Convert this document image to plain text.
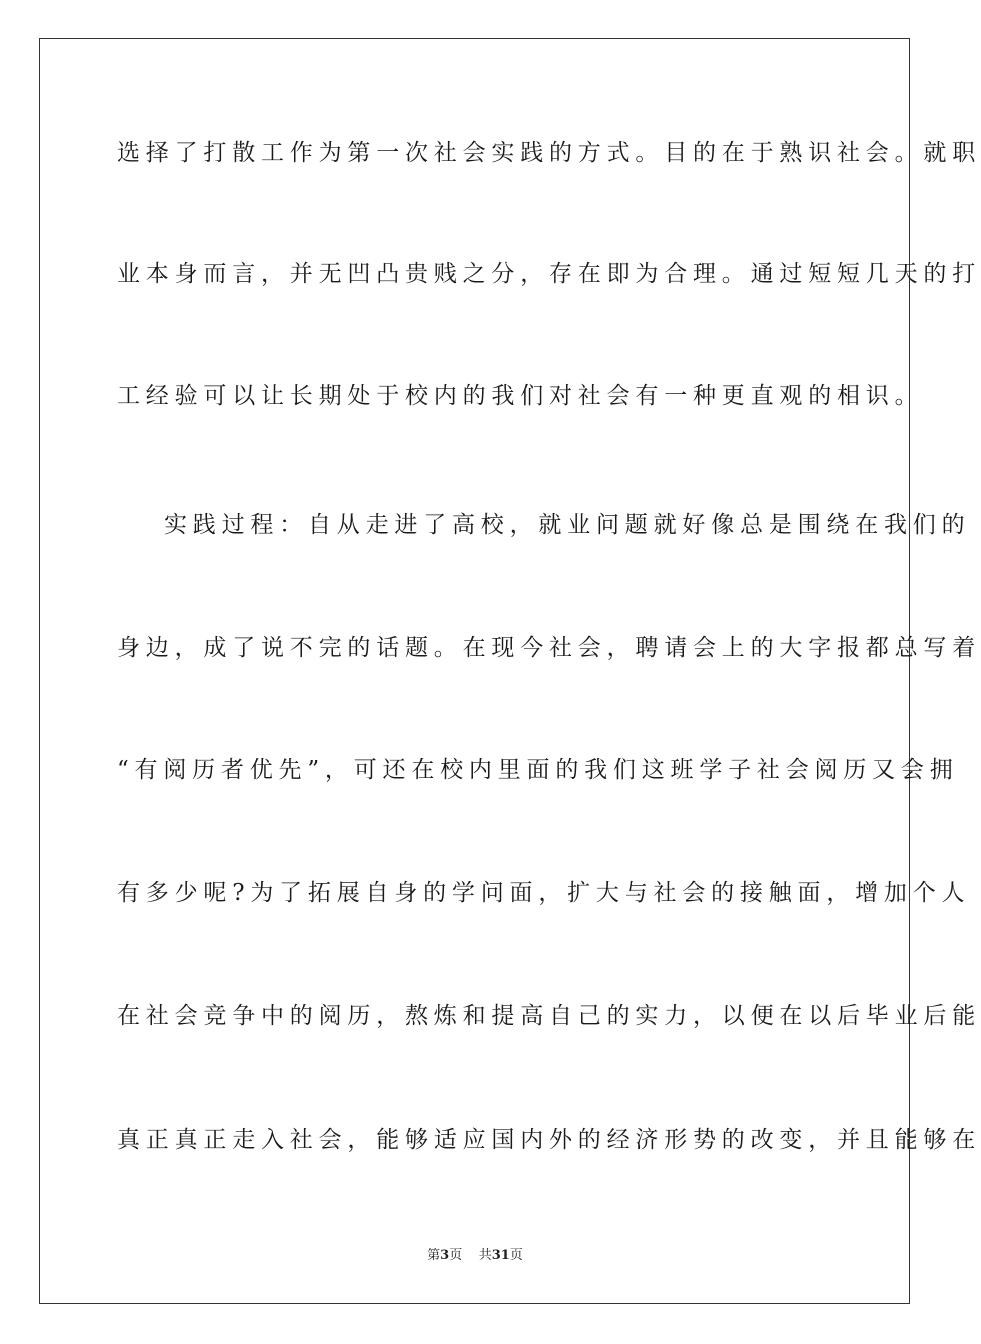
选择了打散工作为第一次社会实践的方式。目的在于熟识社会。就职
业本身而言，并无凹凸贵贱之分，存在即为合理。通过短短几天的打
工经验可以让长期处于校内的我们对社会有一种更直观的相识。
实践过程：自从走进了高校，就业问题就好像总是围绕在我们的
身边，成了说不完的话题。在现今社会，聘请会上的大字报都总写着
“有阅历者优先”，可还在校内里面的我们这班学子社会阅历又会拥
有多少呢?为了拓展自身的学问面，扩大与社会的接触面，增加个人
在社会竞争中的阅历，熬炼和提高自己的实力，以便在以后毕业后能
真正真正走入社会，能够适应国内外的经济形势的改变，并且能够在
第3页 共31页
